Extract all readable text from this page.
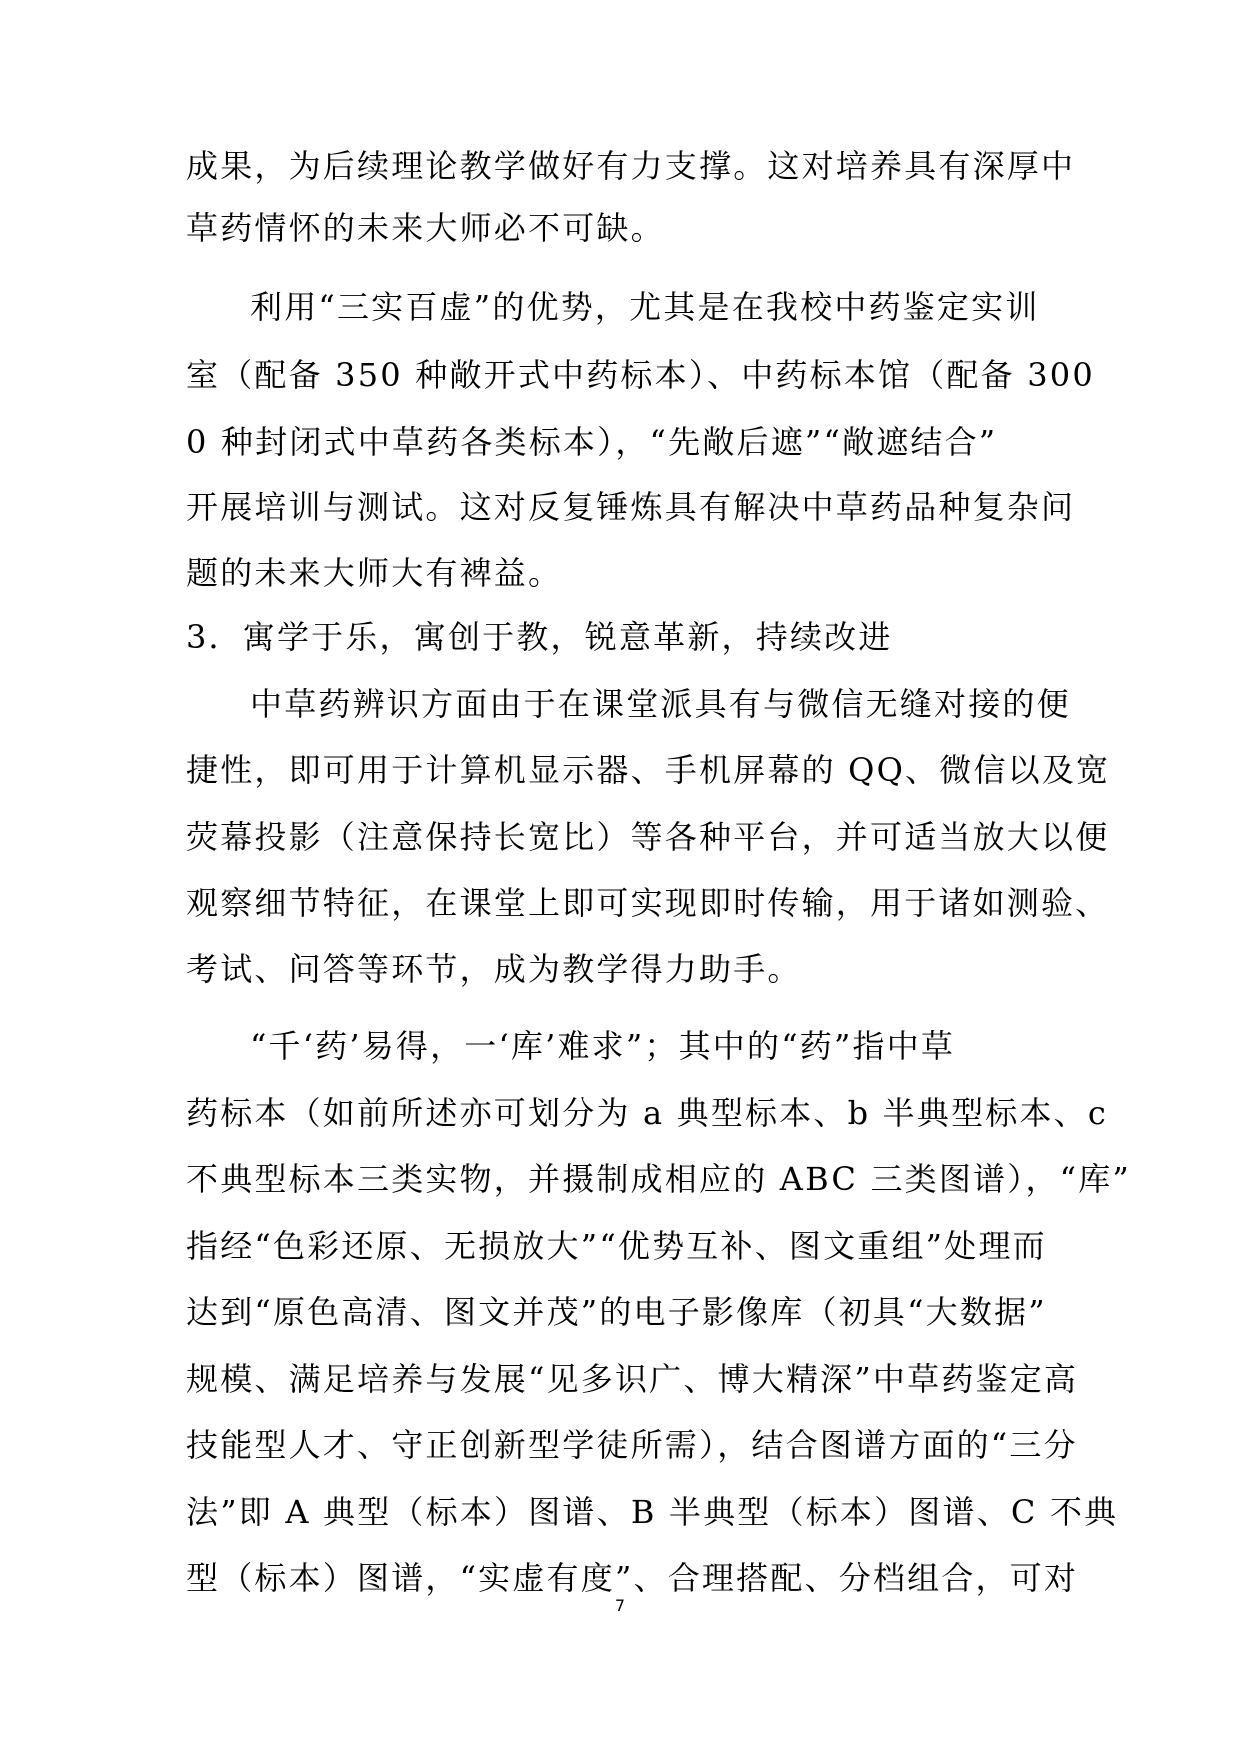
成果，为后续理论教学做好有力支撑。这对培养具有深厚中
草药情怀的未来大师必不可缺。
利用“三实百虚”的优势，尤其是在我校中药鉴定实训
室（配备 350 种敞开式中药标本）、中药标本馆（配备 300
0 种封闭式中草药各类标本），“先敞后遮”“敞遮结合”
开展培训与测试。这对反复锤炼具有解决中草药品种复杂问
题的未来大师大有裨益。
3．寓学于乐，寓创于教，锐意革新，持续改进
中草药辨识方面由于在课堂派具有与微信无缝对接的便
捷性，即可用于计算机显示器、手机屏幕的 QQ、微信以及宽
荧幕投影（注意保持长宽比）等各种平台，并可适当放大以便
观察细节特征，在课堂上即可实现即时传输，用于诸如测验、
考试、问答等环节，成为教学得力助手。
“千‘药’易得，一‘库’难求”；其中的“药”指中草
药标本（如前所述亦可划分为 a 典型标本、b 半典型标本、c
不典型标本三类实物，并摄制成相应的 ABC 三类图谱），“库”
指经“色彩还原、无损放大”“优势互补、图文重组”处理而
达到“原色高清、图文并茂”的电子影像库（初具“大数据”
规模、满足培养与发展“见多识广、博大精深”中草药鉴定高
技能型人才、守正创新型学徒所需），结合图谱方面的“三分
法”即 A 典型（标本）图谱、B 半典型（标本）图谱、C 不典
型（标本）图谱，“实虚有度”、合理搭配、分档组合，可对
7
